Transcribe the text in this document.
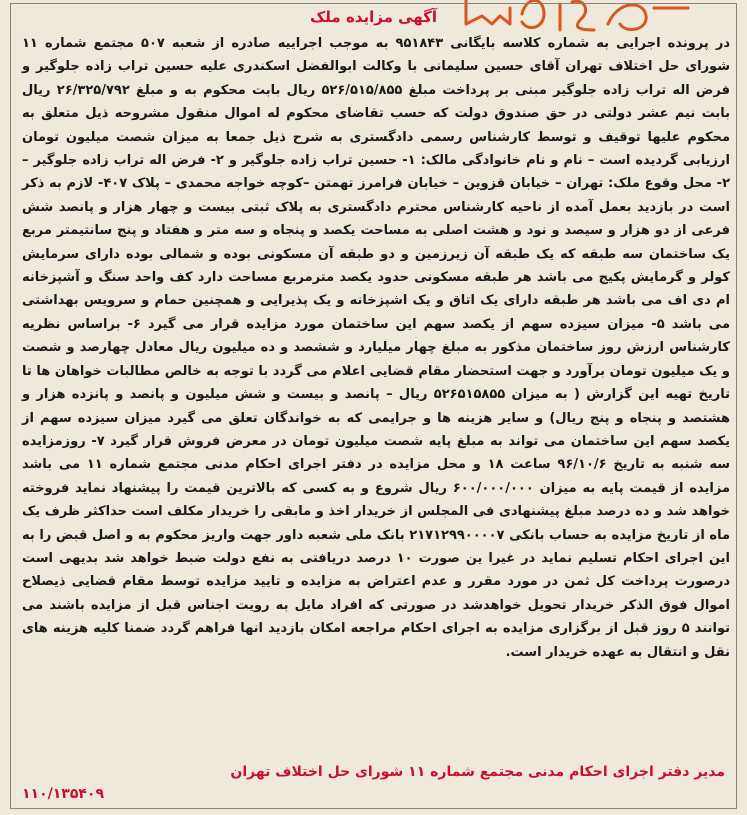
آگهی مزایده ملک
در پرونده اجرایی به شماره کلاسه بایگانی ۹۵۱۸۴۳ به موجب اجراییه صادره از شعبه ۵۰۷ مجتمع شماره ۱۱ شورای حل اختلاف تهران آقای حسین سلیمانی با وکالت ابوالفضل اسکندری علیه حسین تراب زاده جلوگیر و فرض اله تراب زاده جلوگیر مبنی بر پرداخت مبلغ ۵۲۶/۵۱۵/۸۵۵ ریال بابت محکوم به و مبلغ ۲۶/۳۲۵/۷۹۲ ریال بابت نیم عشر دولتی در حق صندوق دولت که حسب تقاضای محکوم له اموال منقول مشروحه ذیل متعلق به محکوم علیها توقیف و توسط کارشناس رسمی دادگستری به شرح ذیل جمعا به میزان شصت میلیون تومان ارزیابی گردیده است – نام و نام خانوادگی مالک: ۱- حسین تراب زاده جلوگیر و ۲- فرض اله تراب زاده جلوگیر – ۲- محل وقوع ملک: تهران – خیابان قزوین – خیابان فرامرز تهمتن –کوچه خواجه محمدی – پلاک ۴۰۷- لازم به ذکر است در بازدید بعمل آمده از ناحیه کارشناس محترم دادگستری به پلاک ثبتی بیست و چهار هزار و پانصد شش فرعی از دو هزار و سیصد و نود و هشت اصلی به مساحت یکصد و پنجاه و سه متر و هفتاد و پنج سانتیمتر مربع یک ساختمان سه طبقه که یک طبقه آن زیرزمین و دو طبقه آن مسکونی بوده و شمالی بوده دارای سرمایش کولر و گرمایش پکیج می باشد هر طبقه مسکونی حدود یکصد مترمربع مساحت دارد کف واحد سنگ و آشپزخانه ام دی اف می باشد هر طبقه دارای یک اتاق و یک اشپزخانه و یک پذیرایی و همچنین حمام و سرویس بهداشتی می باشد ۵- میزان سیزده سهم از یکصد سهم این ساختمان مورد مزایده قرار می گیرد ۶- براساس نظریه کارشناس ارزش روز ساختمان مذکور به مبلغ چهار میلیارد و ششصد و ده میلیون ریال معادل چهارصد و شصت و یک میلیون تومان برآورد و جهت استحضار مقام قضایی اعلام می گردد با توجه به خالص مطالبات خواهان ها تا تاریخ تهیه این گزارش ( به میزان ۵۲۶۵۱۵۸۵۵ ریال – پانصد و بیست و شش میلیون و پانصد و پانزده هزار و هشتصد و پنجاه و پنج ریال) و سایر هزینه ها و جرایمی که به خواندگان تعلق می گیرد میزان سیزده سهم از یکصد سهم این ساختمان می تواند به مبلغ پایه شصت میلیون تومان در معرض فروش قرار گیرد ۷- روزمزایده سه شنبه به تاریخ ۹۶/۱۰/۶ ساعت ۱۸ و محل مزایده در دفتر اجرای احکام مدنی مجتمع شماره ۱۱ می باشد مزایده از قیمت پایه به میزان ۶۰۰/۰۰۰/۰۰۰ ریال شروع و به کسی که بالاترین قیمت را پیشنهاد نماید فروخته خواهد شد و ده درصد مبلغ پیشنهادی فی المجلس از خریدار اخذ و مابقی را خریدار مکلف است حداکثر ظرف یک ماه از تاریخ مزایده به حساب بانکی ۲۱۷۱۲۹۹۰۰۰۰۷ بانک ملی شعبه داور جهت واریز محکوم به و اصل قبض را به این اجرای احکام تسلیم نماید در غیرا ین صورت ۱۰ درصد دریافتی به نفع دولت ضبط خواهد شد بدیهی است درصورت پرداخت کل ثمن در مورد مقرر و عدم اعتراض به مزایده و تایید مزایده توسط مقام قضایی ذیصلاح اموال فوق الذکر خریدار تحویل خواهدشد در صورتی که افراد مایل به رویت اجناس قبل از مزایده باشند می توانند ۵ روز قبل از برگزاری مزایده به اجرای احکام مراجعه امکان بازدید انها فراهم گردد ضمنا کلیه هزینه های نقل و انتقال به عهده خریدار است.
مدیر دفتر اجرای احکام مدنی مجتمع شماره ۱۱ شورای حل اختلاف تهران
۱۱۰/۱۳۵۴۰۹
